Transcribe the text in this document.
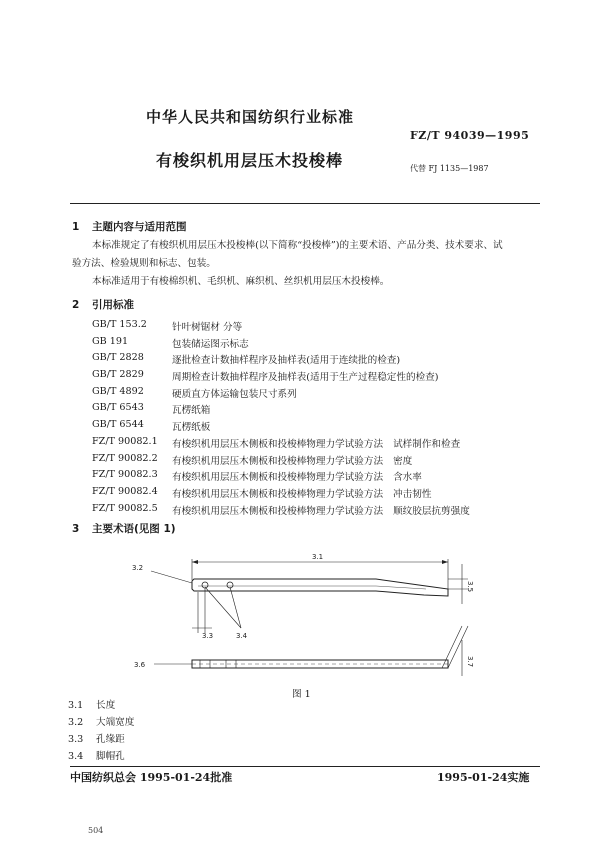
中华人民共和国纺织行业标准
FZ/T 94039—1995
有梭织机用层压木投梭棒	代替 FJ 1135—1987
1 主题内容与适用范围
本标准规定了有梭织机用层压木投梭棒(以下简称“投梭棒”)的主要术语、产品分类、技术要求、试
验方法、检验规则和标志、包装。
本标准适用于有梭棉织机、毛织机、麻织机、丝织机用层压木投梭棒。
2 引用标准
GB/T 153.2	针叶树锯材 分等
GB 191	包装储运图示标志
GB/T 2828	逐批检查计数抽样程序及抽样表(适用于连续批的检查)
GB/T 2829	周期检查计数抽样程序及抽样表(适用于生产过程稳定性的检查)
GB/T 4892	硬质直方体运输包装尺寸系列
GB/T 6543	瓦楞纸箱
GB/T 6544	瓦楞纸板
FZ/T 90082.1	有梭织机用层压木侧板和投梭棒物理力学试验方法 试样制作和检查
FZ/T 90082.2	有梭织机用层压木侧板和投梭棒物理力学试验方法 密度
FZ/T 90082.3	有梭织机用层压木侧板和投梭棒物理力学试验方法 含水率
FZ/T 90082.4	有梭织机用层压木侧板和投梭棒物理力学试验方法 冲击韧性
FZ/T 90082.5	有梭织机用层压木侧板和投梭棒物理力学试验方法 顺纹胶层抗剪强度
3 主要术语(见图 1)
3.1
3.2
3.3	3.4
3.5
3.6	3.7
图 1
3.1 长度
3.2 大端宽度
3.3 孔缘距
3.4 脚帽孔
中国纺织总会 1995-01-24批准	1995-01-24实施
504
